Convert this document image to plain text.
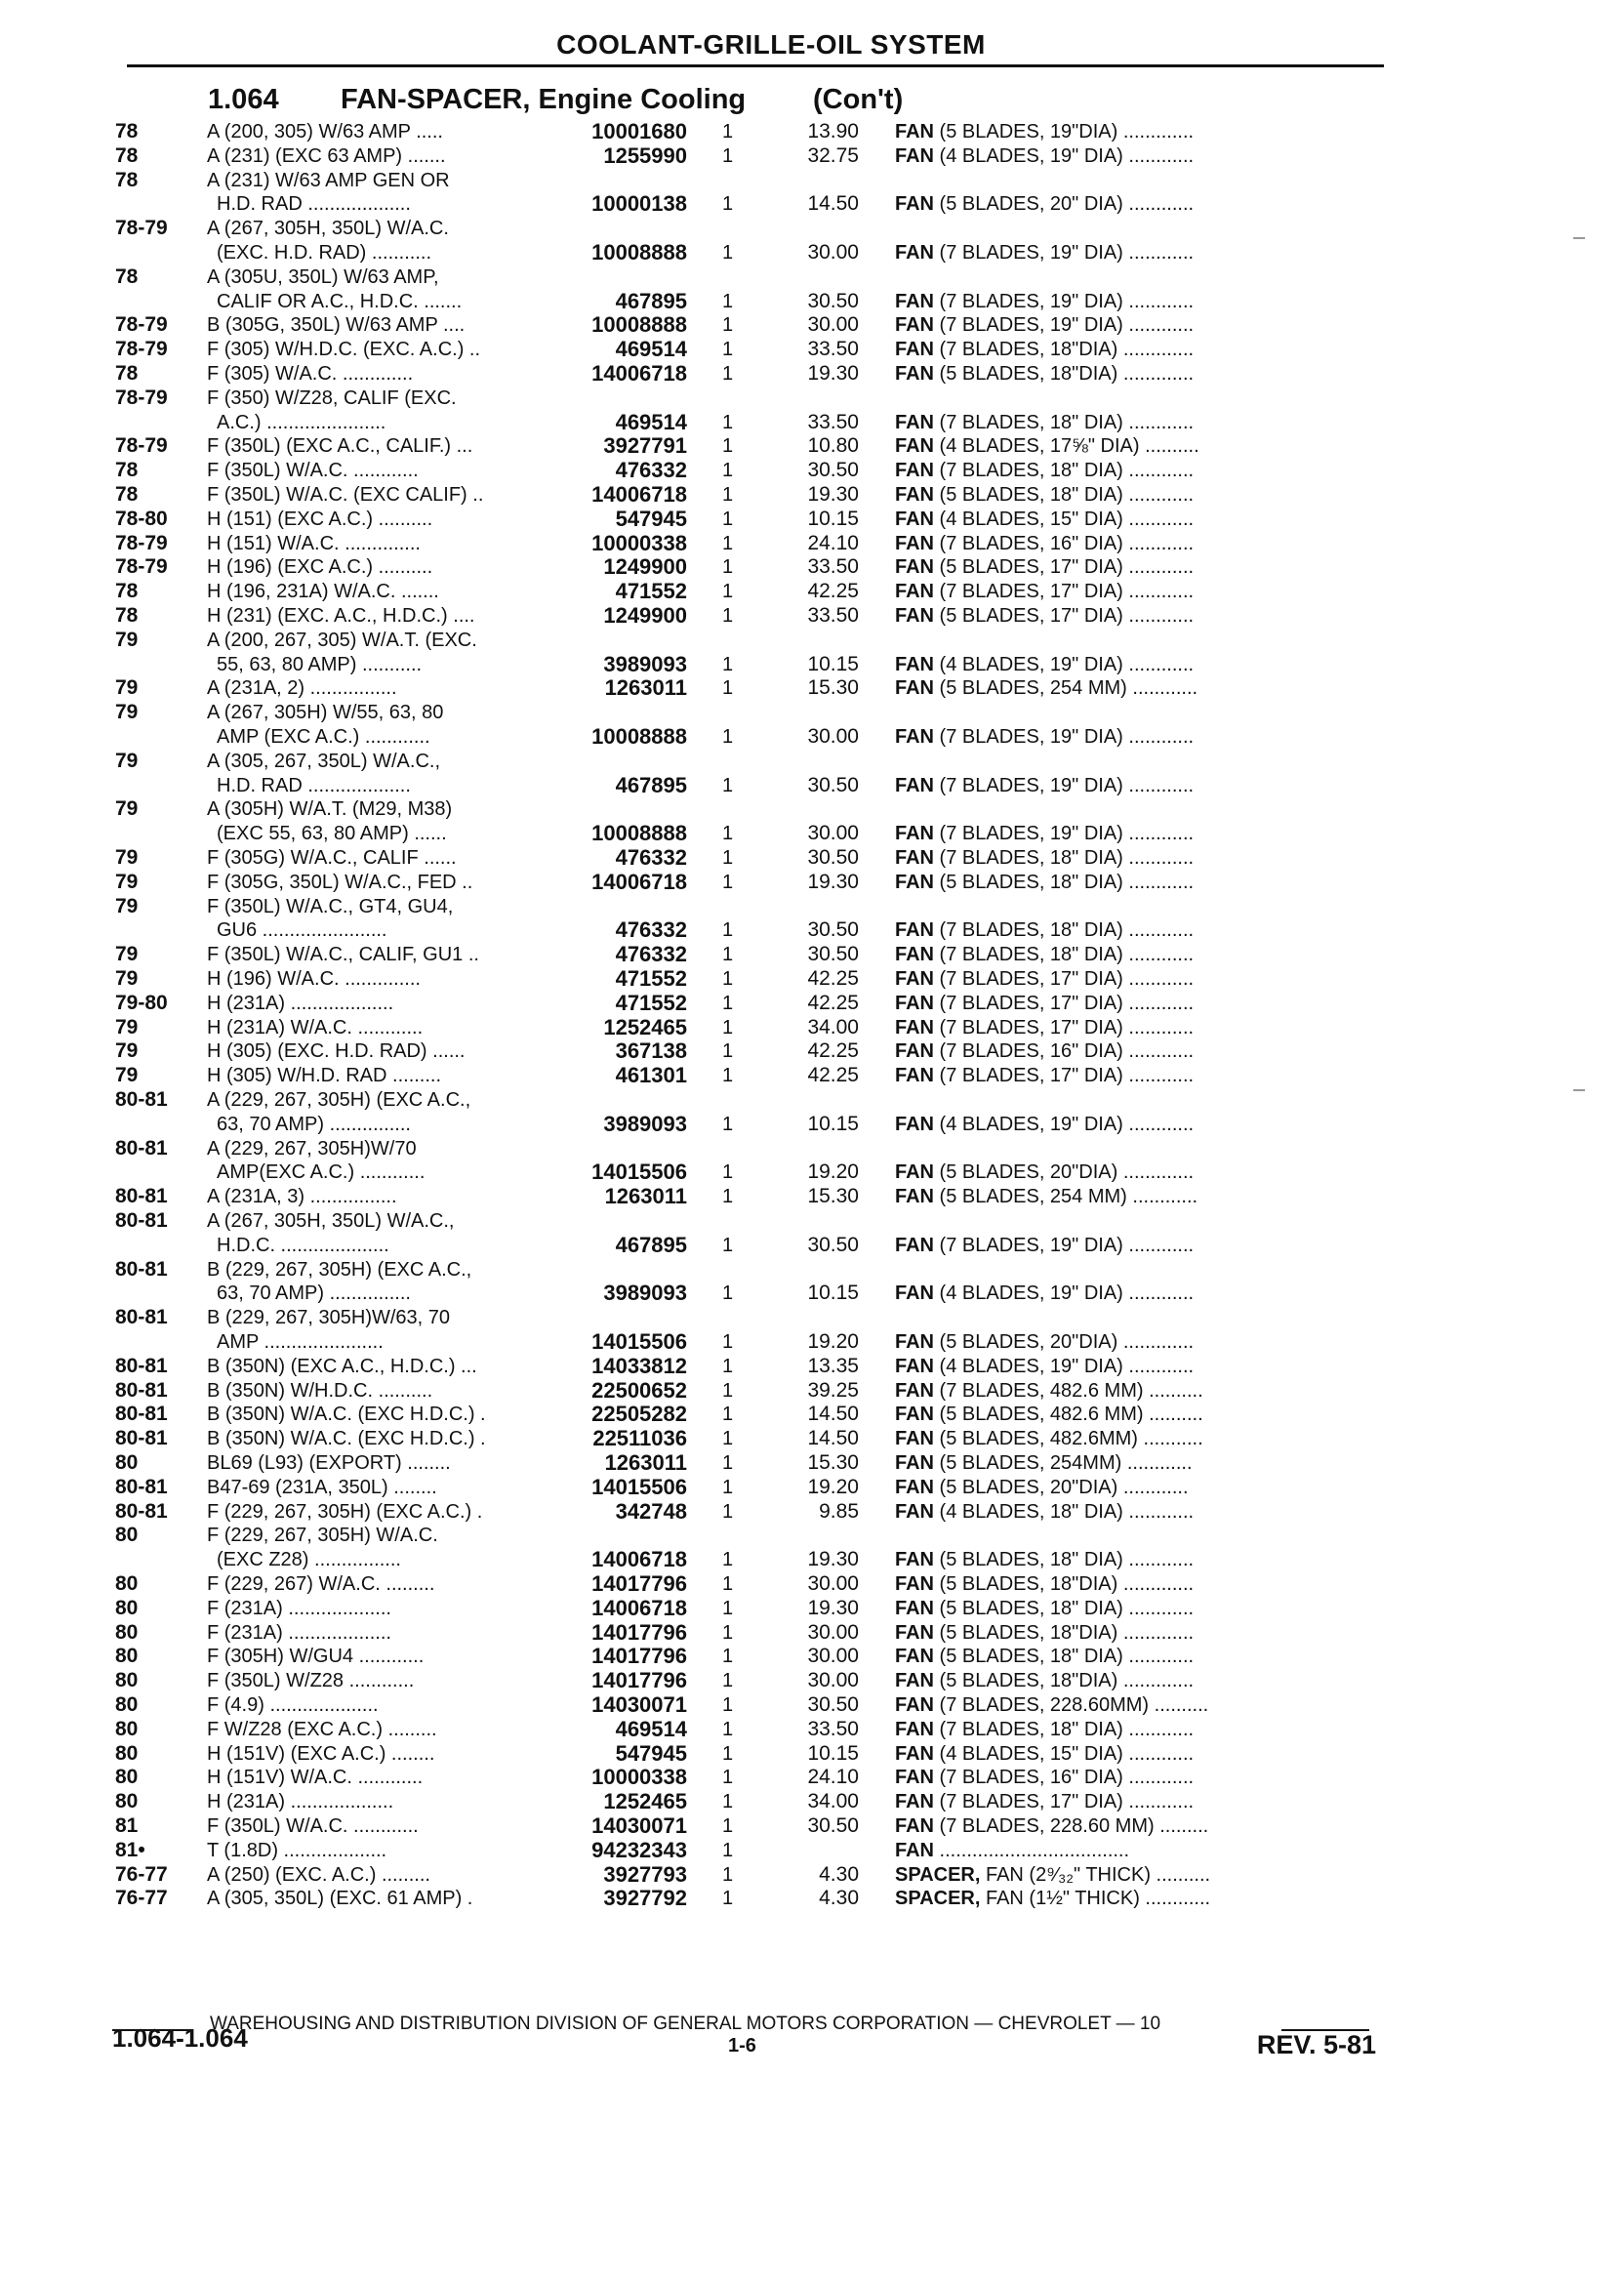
COOLANT-GRILLE-OIL SYSTEM
1.064 FAN-SPACER, Engine Cooling (Con't)
78	A (200, 305) W/63 AMP .....	10001680 1	13.90 FAN (5 BLADES, 19"DIA) .............
78	A (231) (EXC 63 AMP) .......	1255990 1	32.75 FAN (4 BLADES, 19" DIA) ............
78	A (231) W/63 AMP GEN OR
H.D. RAD ...................	10000138 1	14.50 FAN (5 BLADES, 20" DIA) ............
78-79 A (267, 305H, 350L) W/A.C.
(EXC. H.D. RAD) ...........	10008888 1	30.00 FAN (7 BLADES, 19" DIA) ............
78	A (305U, 350L) W/63 AMP,
CALIF OR A.C., H.D.C. .......	467895 1	30.50 FAN (7 BLADES, 19" DIA) ............
78-79 B (305G, 350L) W/63 AMP ....	10008888 1	30.00 FAN (7 BLADES, 19" DIA) ............
78-79 F (305) W/H.D.C. (EXC. A.C.) ..	469514 1	33.50 FAN (7 BLADES, 18"DIA) .............
78	F (305) W/A.C. .............	14006718 1	19.30 FAN (5 BLADES, 18"DIA) .............
78-79 F (350) W/Z28, CALIF (EXC.
A.C.) ......................	469514 1	33.50 FAN (7 BLADES, 18" DIA) ............
78-79 F (350L) (EXC A.C., CALIF.) ...	3927791 1	10.80 FAN (4 BLADES, 17⅝" DIA) ..........
78	F (350L) W/A.C. ............	476332 1	30.50 FAN (7 BLADES, 18" DIA) ............
78	F (350L) W/A.C. (EXC CALIF) ..	14006718 1	19.30 FAN (5 BLADES, 18" DIA) ............
78-80 H (151) (EXC A.C.) ..........	547945 1	10.15 FAN (4 BLADES, 15" DIA) ............
78-79 H (151) W/A.C. ..............	10000338 1	24.10 FAN (7 BLADES, 16" DIA) ............
78-79 H (196) (EXC A.C.) ..........	1249900 1	33.50 FAN (5 BLADES, 17" DIA) ............
78	H (196, 231A) W/A.C. .......	471552 1	42.25 FAN (7 BLADES, 17" DIA) ............
78	H (231) (EXC. A.C., H.D.C.) ....	1249900 1	33.50 FAN (5 BLADES, 17" DIA) ............
79	A (200, 267, 305) W/A.T. (EXC.
55, 63, 80 AMP) ...........	3989093 1	10.15 FAN (4 BLADES, 19" DIA) ............
79	A (231A, 2) ................	1263011 1	15.30 FAN (5 BLADES, 254 MM) ............
79	A (267, 305H) W/55, 63, 80
AMP (EXC A.C.) ............	10008888 1	30.00 FAN (7 BLADES, 19" DIA) ............
79	A (305, 267, 350L) W/A.C.,
H.D. RAD ...................	467895 1	30.50 FAN (7 BLADES, 19" DIA) ............
79	A (305H) W/A.T. (M29, M38)
(EXC 55, 63, 80 AMP) ......	10008888 1	30.00 FAN (7 BLADES, 19" DIA) ............
79	F (305G) W/A.C., CALIF ......	476332 1	30.50 FAN (7 BLADES, 18" DIA) ............
79	F (305G, 350L) W/A.C., FED ..	14006718 1	19.30 FAN (5 BLADES, 18" DIA) ............
79	F (350L) W/A.C., GT4, GU4,
GU6 .......................	476332 1	30.50 FAN (7 BLADES, 18" DIA) ............
79	F (350L) W/A.C., CALIF, GU1 ..	476332 1	30.50 FAN (7 BLADES, 18" DIA) ............
79	H (196) W/A.C. ..............	471552 1	42.25 FAN (7 BLADES, 17" DIA) ............
79-80 H (231A) ...................	471552 1	42.25 FAN (7 BLADES, 17" DIA) ............
79	H (231A) W/A.C. ............	1252465 1	34.00 FAN (7 BLADES, 17" DIA) ............
79	H (305) (EXC. H.D. RAD) ......	367138 1	42.25 FAN (7 BLADES, 16" DIA) ............
79	H (305) W/H.D. RAD .........	461301 1	42.25 FAN (7 BLADES, 17" DIA) ............
80-81 A (229, 267, 305H) (EXC A.C.,
63, 70 AMP) ...............	3989093 1	10.15 FAN (4 BLADES, 19" DIA) ............
80-81 A (229, 267, 305H)W/70
AMP(EXC A.C.) ............	14015506 1	19.20 FAN (5 BLADES, 20"DIA) .............
80-81 A (231A, 3) ................	1263011 1	15.30 FAN (5 BLADES, 254 MM) ............
80-81 A (267, 305H, 350L) W/A.C.,
H.D.C. ....................	467895 1	30.50 FAN (7 BLADES, 19" DIA) ............
80-81 B (229, 267, 305H) (EXC A.C.,
63, 70 AMP) ...............	3989093 1	10.15 FAN (4 BLADES, 19" DIA) ............
80-81 B (229, 267, 305H)W/63, 70
AMP ......................	14015506 1	19.20 FAN (5 BLADES, 20"DIA) .............
80-81 B (350N) (EXC A.C., H.D.C.) ...	14033812 1	13.35 FAN (4 BLADES, 19" DIA) ............
80-81 B (350N) W/H.D.C. ..........	22500652 1	39.25 FAN (7 BLADES, 482.6 MM) ..........
80-81 B (350N) W/A.C. (EXC H.D.C.) .	22505282 1	14.50 FAN (5 BLADES, 482.6 MM) ..........
80-81 B (350N) W/A.C. (EXC H.D.C.) .	22511036 1	14.50 FAN (5 BLADES, 482.6MM) ...........
80	BL69 (L93) (EXPORT) ........	1263011 1	15.30 FAN (5 BLADES, 254MM) ............
80-81 B47-69 (231A, 350L) ........	14015506 1	19.20 FAN (5 BLADES, 20"DIA) ............
80-81 F (229, 267, 305H) (EXC A.C.) .	342748 1	9.85 FAN (4 BLADES, 18" DIA) ............
80	F (229, 267, 305H) W/A.C.
(EXC Z28) ................	14006718 1	19.30 FAN (5 BLADES, 18" DIA) ............
80	F (229, 267) W/A.C. .........	14017796 1	30.00 FAN (5 BLADES, 18"DIA) .............
80	F (231A) ...................	14006718 1	19.30 FAN (5 BLADES, 18" DIA) ............
80	F (231A) ...................	14017796 1	30.00 FAN (5 BLADES, 18"DIA) .............
80	F (305H) W/GU4 ............	14017796 1	30.00 FAN (5 BLADES, 18" DIA) ............
80	F (350L) W/Z28 ............	14017796 1	30.00 FAN (5 BLADES, 18"DIA) .............
80	F (4.9) ....................	14030071 1	30.50 FAN (7 BLADES, 228.60MM) ..........
80	F W/Z28 (EXC A.C.) .........	469514 1	33.50 FAN (7 BLADES, 18" DIA) ............
80	H (151V) (EXC A.C.) ........	547945 1	10.15 FAN (4 BLADES, 15" DIA) ............
80	H (151V) W/A.C. ............	10000338 1	24.10 FAN (7 BLADES, 16" DIA) ............
80	H (231A) ...................	1252465 1	34.00 FAN (7 BLADES, 17" DIA) ............
81	F (350L) W/A.C. ............	14030071 1	30.50 FAN (7 BLADES, 228.60 MM) .........
81•	T (1.8D) ...................	94232343 1	FAN ...................................
76-77 A (250) (EXC. A.C.) .........	3927793 1	4.30 SPACER, FAN (2⁹⁄₃₂" THICK) ..........
76-77 A (305, 350L) (EXC. 61 AMP) .	3927792 1	4.30 SPACER, FAN (1½" THICK) ............
WAREHOUSING AND DISTRIBUTION DIVISION OF GENERAL MOTORS CORPORATION — CHEVROLET — 10
1.064-1.064	1-6	REV. 5-81
